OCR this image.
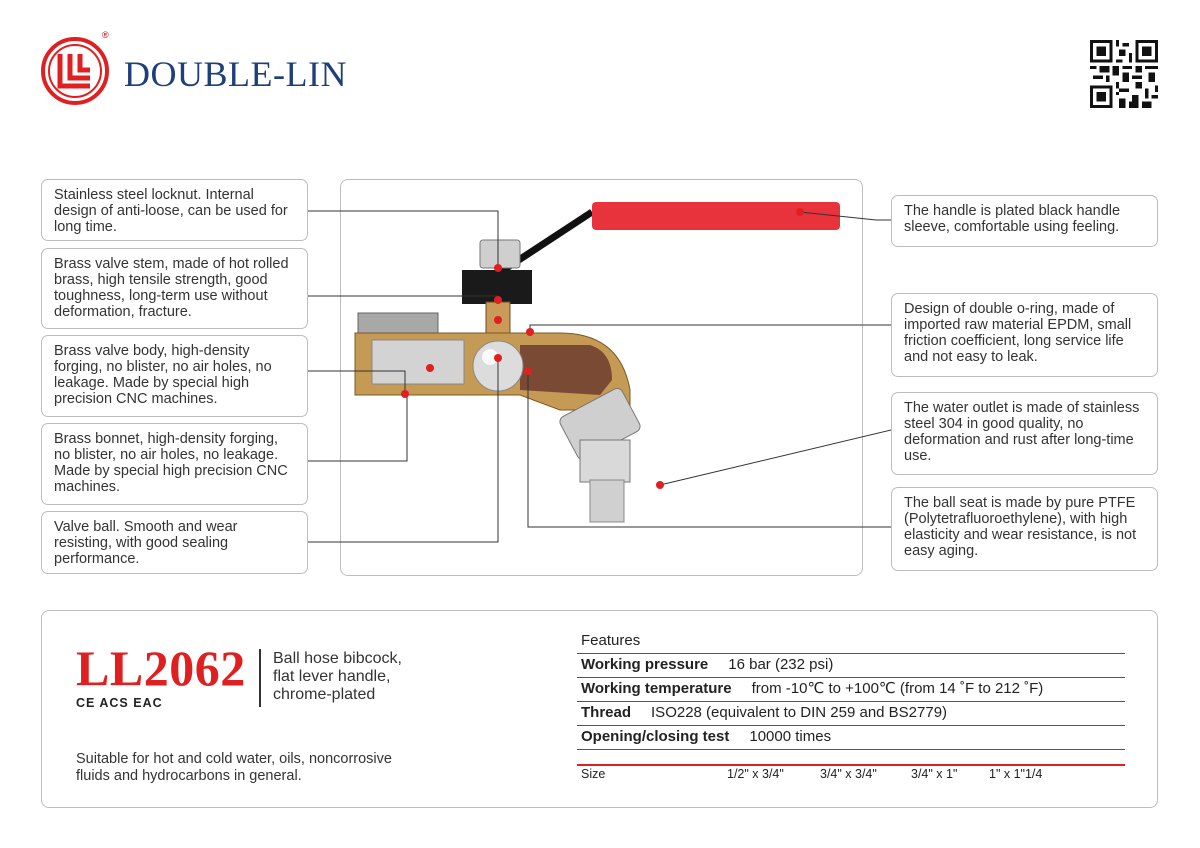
®
DOUBLE-LIN
Stainless steel locknut. Internal design of anti-loose, can be used for long time.
Brass valve stem, made of hot rolled brass, high tensile strength, good toughness, long-term use without deformation, fracture.
Brass valve body, high-density forging, no blister, no air holes, no leakage. Made by special high precision CNC machines.
Brass bonnet, high-density forging, no blister, no air holes, no leakage. Made by special high precision CNC machines.
Valve ball. Smooth and wear resisting, with good sealing performance.
The handle is plated black handle sleeve, comfortable using feeling.
Design of double o-ring, made of imported raw material EPDM, small friction coefficient, long service life and not easy to leak.
The water outlet is made of stainless steel 304 in good quality, no deformation and rust after long-time use.
The ball seat is made by pure PTFE (Polytetrafluoroethylene), with high elasticity and wear resistance, is not easy aging.
LL2062
CE ACS EAC
Ball hose bibcock,
flat lever handle,
chrome-plated
Suitable for hot and cold water, oils, noncorrosive
fluids and hydrocarbons in general.
Features
Working pressure 16 bar (232 psi)
Working temperature from -10℃ to +100℃ (from 14 ˚F to 212 ˚F)
Thread ISO228 (equivalent to DIN 259 and BS2779)
Opening/closing test 10000 times
Size	1/2" x 3/4"	3/4" x 3/4"	3/4" x 1"	1" x 1"1/4
